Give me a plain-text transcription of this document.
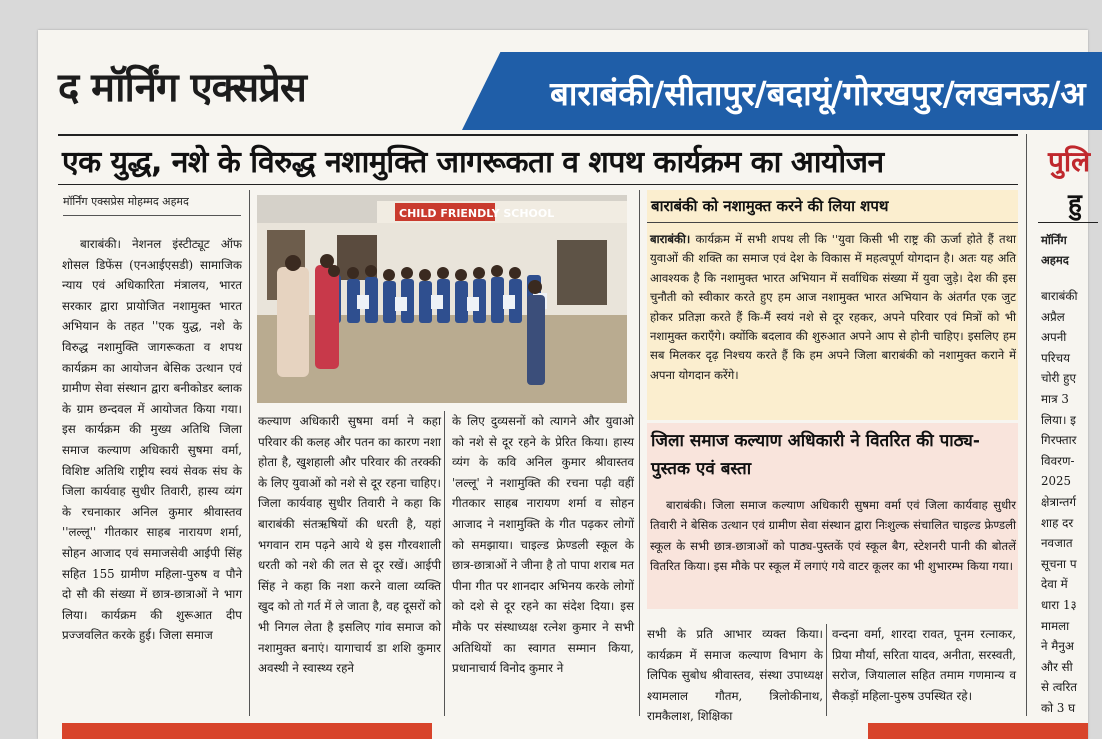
द मॉर्निंग एक्सप्रेस	बाराबंकी/सीतापुर/बदायूं/गोरखपुर/लखनऊ/अ
एक युद्ध, नशे के विरुद्ध नशामुक्ति जागरूकता व शपथ कार्यक्रम का आयोजन
मॉर्निंग एक्सप्रेस मोहम्मद अहमद
बाराबंकी। नेशनल इंस्टीट्यूट ऑफ शोसल डिफेंस (एनआईएसडी) सामाजिक न्याय एवं अधिकारिता मंत्रालय, भारत सरकार द्वारा प्रायोजित नशामुक्त भारत अभियान के तहत ''एक युद्ध, नशे के विरुद्ध नशामुक्ति जागरूकता व शपथ कार्यक्रम का आयोजन बेसिक उत्थान एवं ग्रामीण सेवा संस्थान द्वारा बनीकोडर ब्लाक के ग्राम छन्दवल में आयोजत किया गया। इस कार्यक्रम की मुख्य अतिथि जिला समाज कल्याण अधिकारी सुषमा वर्मा, विशिष्ट अतिथि राष्ट्रीय स्वयं सेवक संघ के जिला कार्यवाह सुधीर तिवारी, हास्य व्यंग के रचनाकार अनिल कुमार श्रीवास्तव ''लल्लू'' गीतकार साहब नारायण शर्मा, सोहन आजाद एवं समाजसेवी आईपी सिंह सहित 155 ग्रामीण महिला-पुरुष व पौने दो सौ की संख्या में छात्र-छात्राओं ने भाग लिया। कार्यक्रम की शुरूआत दीप प्रज्जवलित करके हुई। जिला समाज
CHILD FRIENDLY SCHOOL
कल्याण अधिकारी सुषमा वर्मा ने कहा परिवार की कलह और पतन का कारण नशा होता है, खुशहाली और परिवार की तरक्की के लिए युवाओं को नशे से दूर रहना चाहिए। जिला कार्यवाह सुधीर तिवारी ने कहा कि बाराबंकी संतऋषियों की धरती है, यहां भगवान राम पढ़ने आये थे इस गौरवशाली धरती को नशे की लत से दूर रखें। आईपी सिंह ने कहा कि नशा करने वाला व्यक्ति खुद को तो गर्त में ले जाता है, वह दूसरों को भी निगल लेता है इसलिए गांव समाज को नशामुक्त बनाएं। यागाचार्य डा शशि कुमार अवस्थी ने स्वास्थ्य रहने
के लिए दुव्यसनों को त्यागने और युवाओ को नशे से दूर रहने के प्रेरित किया। हास्य व्यंग के कवि अनिल कुमार श्रीवास्तव 'लल्लू' ने नशामुक्ति की रचना पढ़ी वहीं गीतकार साहब नारायण शर्मा व सोहन आजाद ने नशामुक्ति के गीत पढ़कर लोगों को समझाया। चाइल्ड फ्रेण्डली स्कूल के छात्र-छात्राओं ने जीना है तो पापा शराब मत पीना गीत पर शानदार अभिनय करके लोगों को दशे से दूर रहने का संदेश दिया। इस मौके पर संस्थाध्यक्ष रत्नेश कुमार ने सभी अतिथियों का स्वागत सम्मान किया, प्रधानाचार्य विनोद कुमार ने
बाराबंकी को नशामुक्त करने की लिया शपथ
बाराबंकी। कार्यक्रम में सभी शपथ ली कि ''युवा किसी भी राष्ट्र की ऊर्जा होते हैं तथा युवाओं की शक्ति का समाज एवं देश के विकास में महत्वपूर्ण योगदान है। अतः यह अति आवश्यक है कि नशामुक्त भारत अभियान में सर्वाधिक संख्या में युवा जुड़े। देश की इस चुनौती को स्वीकार करते हुए हम आज नशामुक्त भारत अभियान के अंतर्गत एक जुट होकर प्रतिज्ञा करते हैं कि-मैं स्वयं नशे से दूर रहकर, अपने परिवार एवं मित्रों को भी नशामुक्त कराएँगे। क्योंकि बदलाव की शुरुआत अपने आप से होनी चाहिए। इसलिए हम सब मिलकर दृढ़ निश्चय करते हैं कि हम अपने जिला बाराबंकी को नशामुक्त कराने में अपना योगदान करेंगे।
जिला समाज कल्याण अधिकारी ने वितरित की पाठ्य-पुस्तक एवं बस्ता
बाराबंकी। जिला समाज कल्याण अधिकारी सुषमा वर्मा एवं जिला कार्यवाह सुधीर तिवारी ने बेसिक उत्थान एवं ग्रामीण सेवा संस्थान द्वारा निःशुल्क संचालित चाइल्ड फ्रेण्डली स्कूल के सभी छात्र-छात्राओं को पाठ्य-पुस्तकें एवं स्कूल बैग, स्टेशनरी पानी की बोतलें वितरित किया। इस मौके पर स्कूल में लगाएं गये वाटर कूलर का भी शुभारम्भ किया गया।
सभी के प्रति आभार व्यक्त किया। कार्यक्रम में समाज कल्याण विभाग के लिपिक सुबोध श्रीवास्तव, संस्था उपाध्यक्ष श्यामलाल गौतम, त्रिलोकीनाथ, रामकैलाश, शिक्षिका
वन्दना वर्मा, शारदा रावत, पूनम रत्नाकर, प्रिया मौर्या, सरिता यादव, अनीता, सरस्वती, सरोज, जियालाल सहित तमाम गणमान्य व सैकड़ों महिला-पुरुष उपस्थित रहे।
पुलि
हु
मॉर्निंग
अहमद
बाराबंकी
अप्रैल
अपनी
परिचय
चोरी हुए
मात्र 3
लिया। इ
गिरफ्तार
विवरण-
2025
क्षेत्रान्तर्ग
शाह दर
नवजात
सूचना प
देवा में
धारा 1३
मामला
ने मैनुअ
और सी
से त्वरित
को 3 घ
